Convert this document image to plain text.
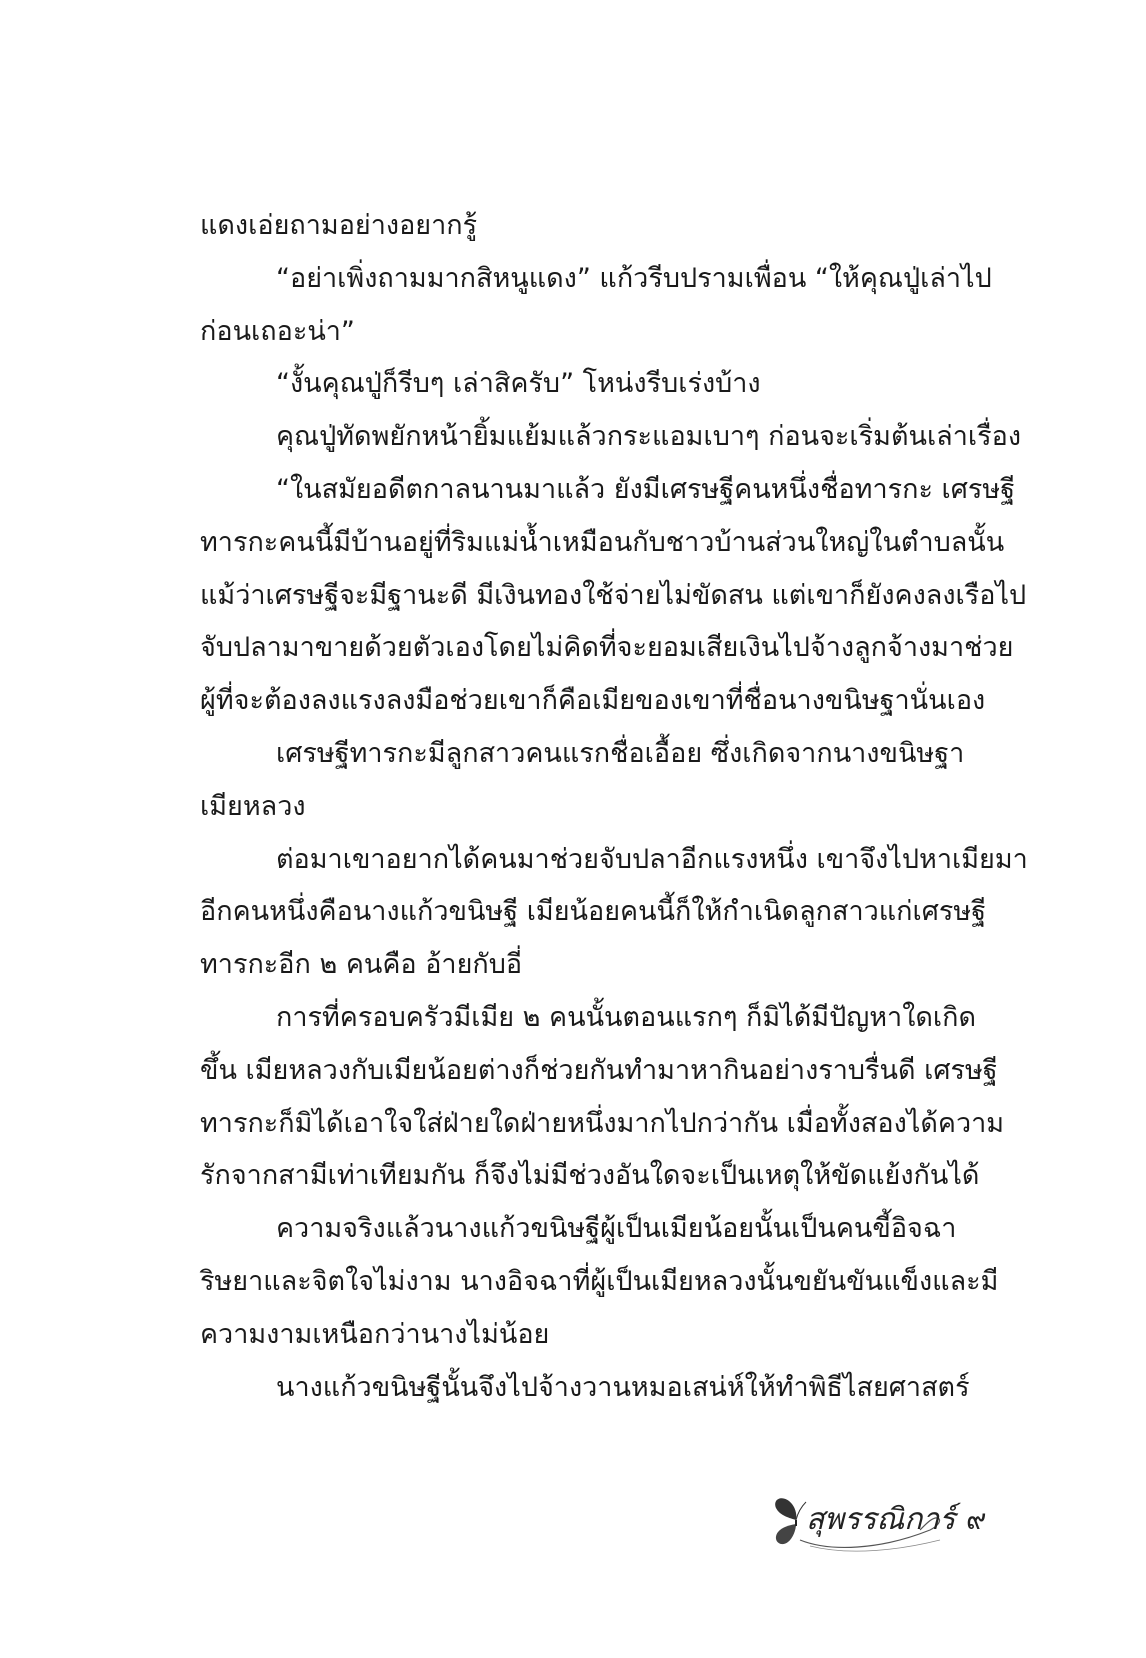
แดงเอ่ยถามอย่างอยากรู้
“อย่าเพิ่งถามมากสิหนูแดง” แก้วรีบปรามเพื่อน “ให้คุณปู่เล่าไป
ก่อนเถอะน่า”
“งั้นคุณปู่ก็รีบๆ เล่าสิครับ” โหน่งรีบเร่งบ้าง
คุณปู่ทัดพยักหน้ายิ้มแย้มแล้วกระแอมเบาๆ ก่อนจะเริ่มต้นเล่าเรื่อง
“ในสมัยอดีตกาลนานมาแล้ว ยังมีเศรษฐีคนหนึ่งชื่อทารกะ เศรษฐี
ทารกะคนนี้มีบ้านอยู่ที่ริมแม่น้ำเหมือนกับชาวบ้านส่วนใหญ่ในตำบลนั้น
แม้ว่าเศรษฐีจะมีฐานะดี มีเงินทองใช้จ่ายไม่ขัดสน แต่เขาก็ยังคงลงเรือไป
จับปลามาขายด้วยตัวเองโดยไม่คิดที่จะยอมเสียเงินไปจ้างลูกจ้างมาช่วย
ผู้ที่จะต้องลงแรงลงมือช่วยเขาก็คือเมียของเขาที่ชื่อนางขนิษฐานั่นเอง
เศรษฐีทารกะมีลูกสาวคนแรกชื่อเอื้อย ซึ่งเกิดจากนางขนิษฐา
เมียหลวง
ต่อมาเขาอยากได้คนมาช่วยจับปลาอีกแรงหนึ่ง เขาจึงไปหาเมียมา
อีกคนหนึ่งคือนางแก้วขนิษฐี เมียน้อยคนนี้ก็ให้กำเนิดลูกสาวแก่เศรษฐี
ทารกะอีก ๒ คนคือ อ้ายกับอี่
การที่ครอบครัวมีเมีย ๒ คนนั้นตอนแรกๆ ก็มิได้มีปัญหาใดเกิด
ขึ้น เมียหลวงกับเมียน้อยต่างก็ช่วยกันทำมาหากินอย่างราบรื่นดี เศรษฐี
ทารกะก็มิได้เอาใจใส่ฝ่ายใดฝ่ายหนึ่งมากไปกว่ากัน เมื่อทั้งสองได้ความ
รักจากสามีเท่าเทียมกัน ก็จึงไม่มีช่วงอันใดจะเป็นเหตุให้ขัดแย้งกันได้
ความจริงแล้วนางแก้วขนิษฐีผู้เป็นเมียน้อยนั้นเป็นคนขี้อิจฉา
ริษยาและจิตใจไม่งาม นางอิจฉาที่ผู้เป็นเมียหลวงนั้นขยันขันแข็งและมี
ความงามเหนือกว่านางไม่น้อย
นางแก้วขนิษฐีนั้นจึงไปจ้างวานหมอเสน่ห์ให้ทำพิธีไสยศาสตร์
สุพรรณิการ์ ๙
